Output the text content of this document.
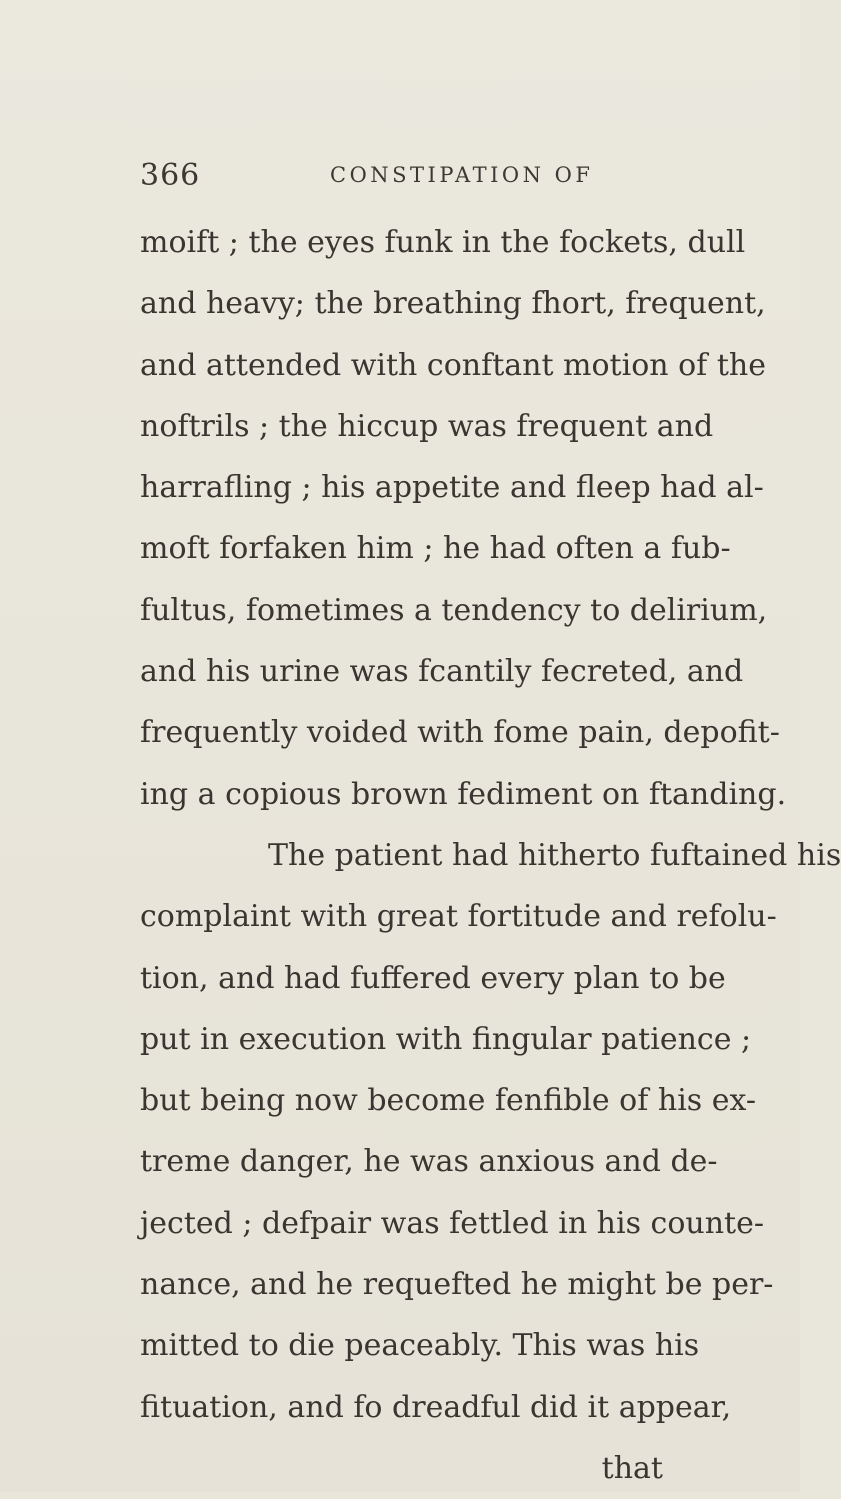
366	CONSTIPATION OF
moift ; the eyes funk in the fockets, dull
and heavy; the breathing fhort, frequent,
and attended with conftant motion of the
noftrils ; the hiccup was frequent and
harrafling ; his appetite and fleep had al-
moft forfaken him ; he had often a fub-
fultus, fometimes a tendency to delirium,
and his urine was fcantily fecreted, and
frequently voided with fome pain, depofit-
ing a copious brown fediment on ftanding.
The patient had hitherto fuftained his
complaint with great fortitude and refolu-
tion, and had fuffered every plan to be
put in execution with fingular patience ;
but being now become fenfible of his ex-
treme danger, he was anxious and de-
jected ; defpair was fettled in his counte-
nance, and he requefted he might be per-
mitted to die peaceably. This was his
fituation, and fo dreadful did it appear,
that
